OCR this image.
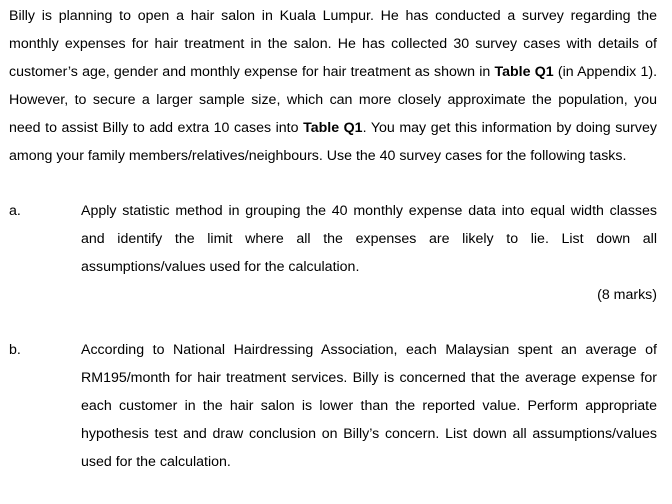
Billy is planning to open a hair salon in Kuala Lumpur. He has conducted a survey regarding the monthly expenses for hair treatment in the salon. He has collected 30 survey cases with details of customer’s age, gender and monthly expense for hair treatment as shown in Table Q1 (in Appendix 1). However, to secure a larger sample size, which can more closely approximate the population, you need to assist Billy to add extra 10 cases into Table Q1. You may get this information by doing survey among your family members/relatives/neighbours. Use the 40 survey cases for the following tasks.

a.	Apply statistic method in grouping the 40 monthly expense data into equal width classes and identify the limit where all the expenses are likely to lie. List down all assumptions/values used for the calculation.

(8 marks)

b.	According to National Hairdressing Association, each Malaysian spent an average of RM195/month for hair treatment services. Billy is concerned that the average expense for each customer in the hair salon is lower than the reported value. Perform appropriate hypothesis test and draw conclusion on Billy’s concern. List down all assumptions/values used for the calculation.
